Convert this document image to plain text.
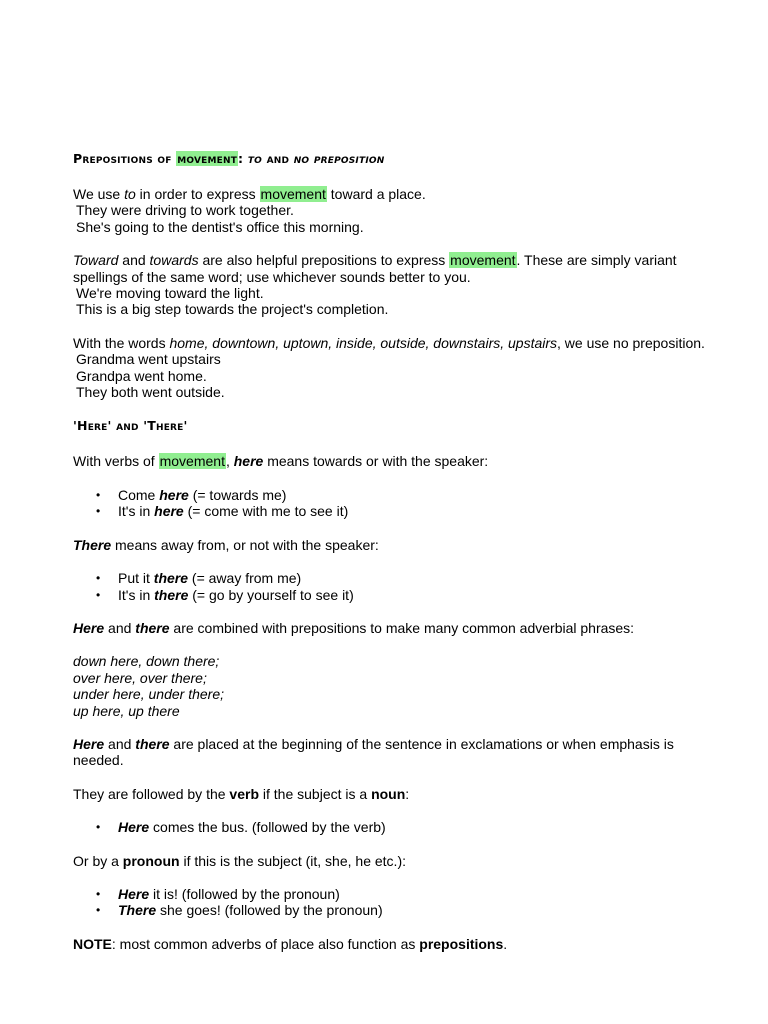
Prepositions of movement: to and no preposition

We use to in order to express movement toward a place.

They were driving to work together.

She's going to the dentist's office this morning.

Toward and towards are also helpful prepositions to express movement. These are simply variant spellings of the same word; use whichever sounds better to you.

We're moving toward the light.

This is a big step towards the project's completion.

With the words home, downtown, uptown, inside, outside, downstairs, upstairs, we use no preposition.

Grandma went upstairs

Grandpa went home.

They both went outside.

'Here' and 'There'

With verbs of movement, here means towards or with the speaker:

• Come here (= towards me)
• It's in here (= come with me to see it)

There means away from, or not with the speaker:

• Put it there (= away from me)
• It's in there (= go by yourself to see it)

Here and there are combined with prepositions to make many common adverbial phrases:

down here, down there;

over here, over there;

under here, under there;

up here, up there

Here and there are placed at the beginning of the sentence in exclamations or when emphasis is needed.

They are followed by the verb if the subject is a noun:

• Here comes the bus. (followed by the verb)

Or by a pronoun if this is the subject (it, she, he etc.):

• Here it is! (followed by the pronoun)
• There she goes! (followed by the pronoun)

NOTE: most common adverbs of place also function as prepositions.
